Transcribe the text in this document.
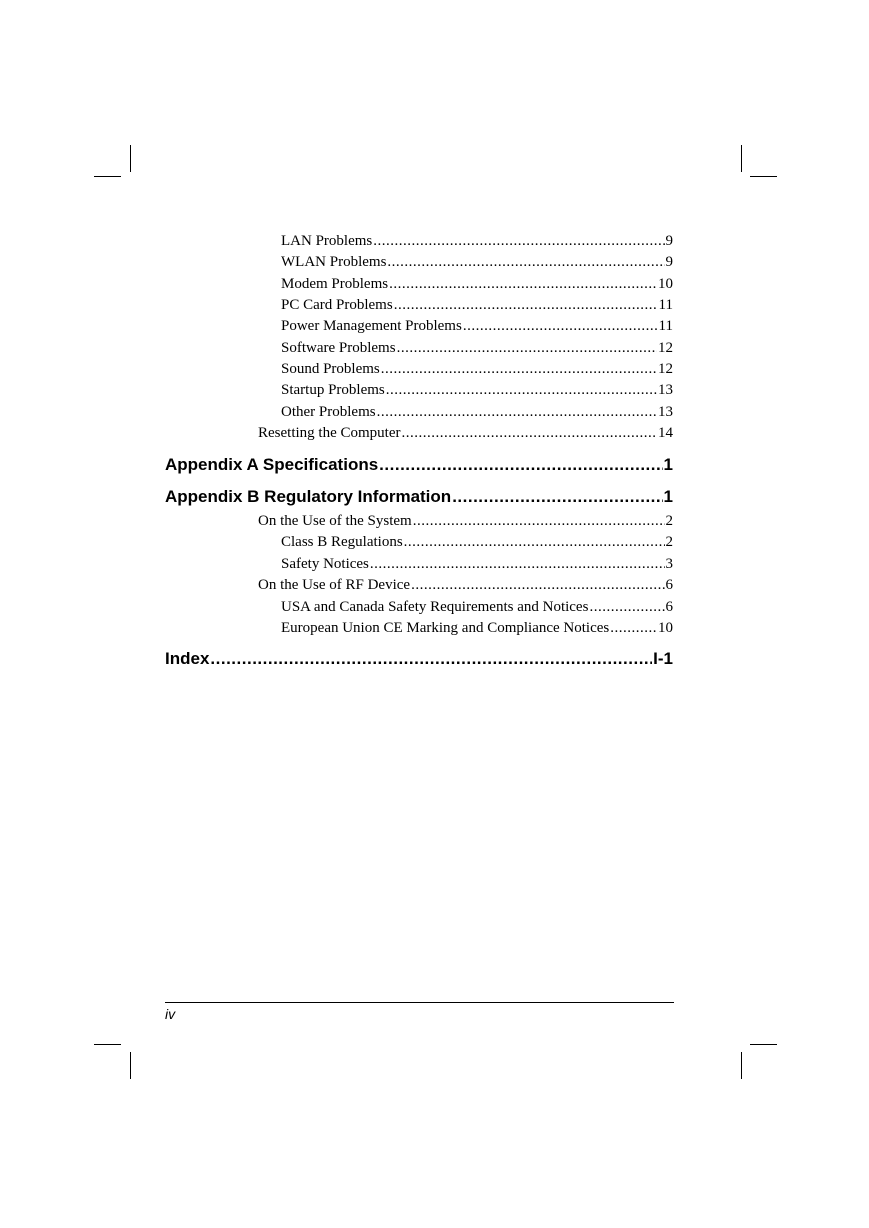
LAN Problems .....	9
WLAN Problems .....	9
Modem Problems .....	10
PC Card Problems .....	11
Power Management Problems .....	11
Software Problems .....	12
Sound Problems .....	12
Startup Problems .....	13
Other Problems .....	13
Resetting the Computer .....	14
Appendix A Specifications .....	1
Appendix B Regulatory Information .....	1
On the Use of the System .....	2
Class B Regulations .....	2
Safety Notices .....	3
On the Use of RF Device .....	6
USA and Canada Safety Requirements and Notices .....	6
European Union CE Marking and Compliance Notices .....	10
Index .....	I-1
iv
